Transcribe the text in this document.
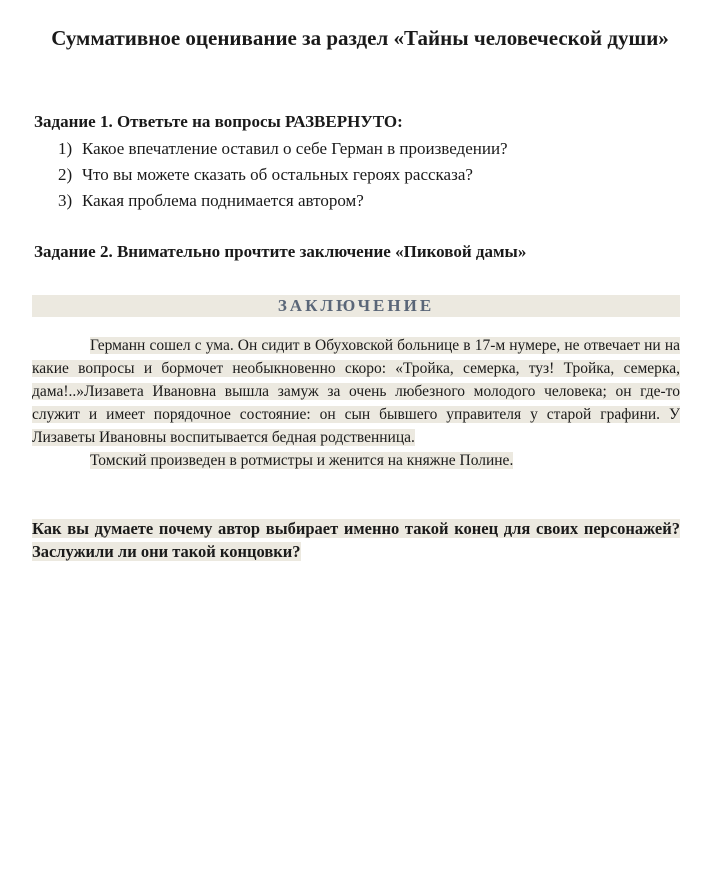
Суммативное оценивание за раздел «Тайны человеческой души»
Задание 1. Ответьте на вопросы РАЗВЕРНУТО:
1) Какое впечатление оставил о себе Герман в произведении?
2) Что вы можете сказать об остальных героях рассказа?
3) Какая проблема поднимается автором?
Задание 2. Внимательно прочтите заключение «Пиковой дамы»
ЗАКЛЮЧЕНИЕ

Германн сошел с ума. Он сидит в Обуховской больнице в 17-м нумере, не отвечает ни на какие вопросы и бормочет необыкновенно скоро: «Тройка, семерка, туз! Тройка, семерка, дама!..»Лизавета Ивановна вышла замуж за очень любезного молодого человека; он где-то служит и имеет порядочное состояние: он сын бывшего управителя у старой графини. У Лизаветы Ивановны воспитывается бедная родственница.

Томский произведен в ротмистры и женится на княжне Полине.

Как вы думаете почему автор выбирает именно такой конец для своих персонажей? Заслужили ли они такой концовки?
